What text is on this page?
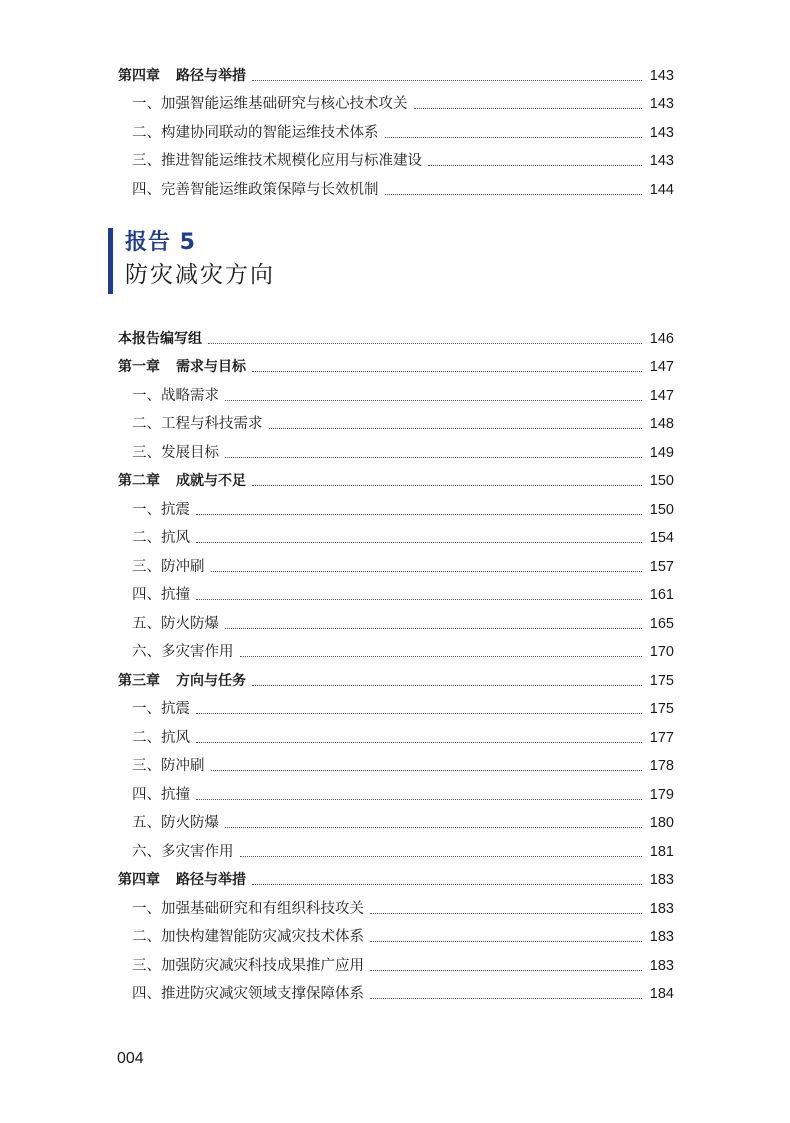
第四章 路径与举措	143
一、加强智能运维基础研究与核心技术攻关	143
二、构建协同联动的智能运维技术体系	143
三、推进智能运维技术规模化应用与标准建设	143
四、完善智能运维政策保障与长效机制	144
报告 5
防灾减灾方向
本报告编写组	146
第一章 需求与目标	147
一、战略需求	147
二、工程与科技需求	148
三、发展目标	149
第二章 成就与不足	150
一、抗震	150
二、抗风	154
三、防冲刷	157
四、抗撞	161
五、防火防爆	165
六、多灾害作用	170
第三章 方向与任务	175
一、抗震	175
二、抗风	177
三、防冲刷	178
四、抗撞	179
五、防火防爆	180
六、多灾害作用	181
第四章 路径与举措	183
一、加强基础研究和有组织科技攻关	183
二、加快构建智能防灾减灾技术体系	183
三、加强防灾减灾科技成果推广应用	183
四、推进防灾减灾领域支撑保障体系	184
004
